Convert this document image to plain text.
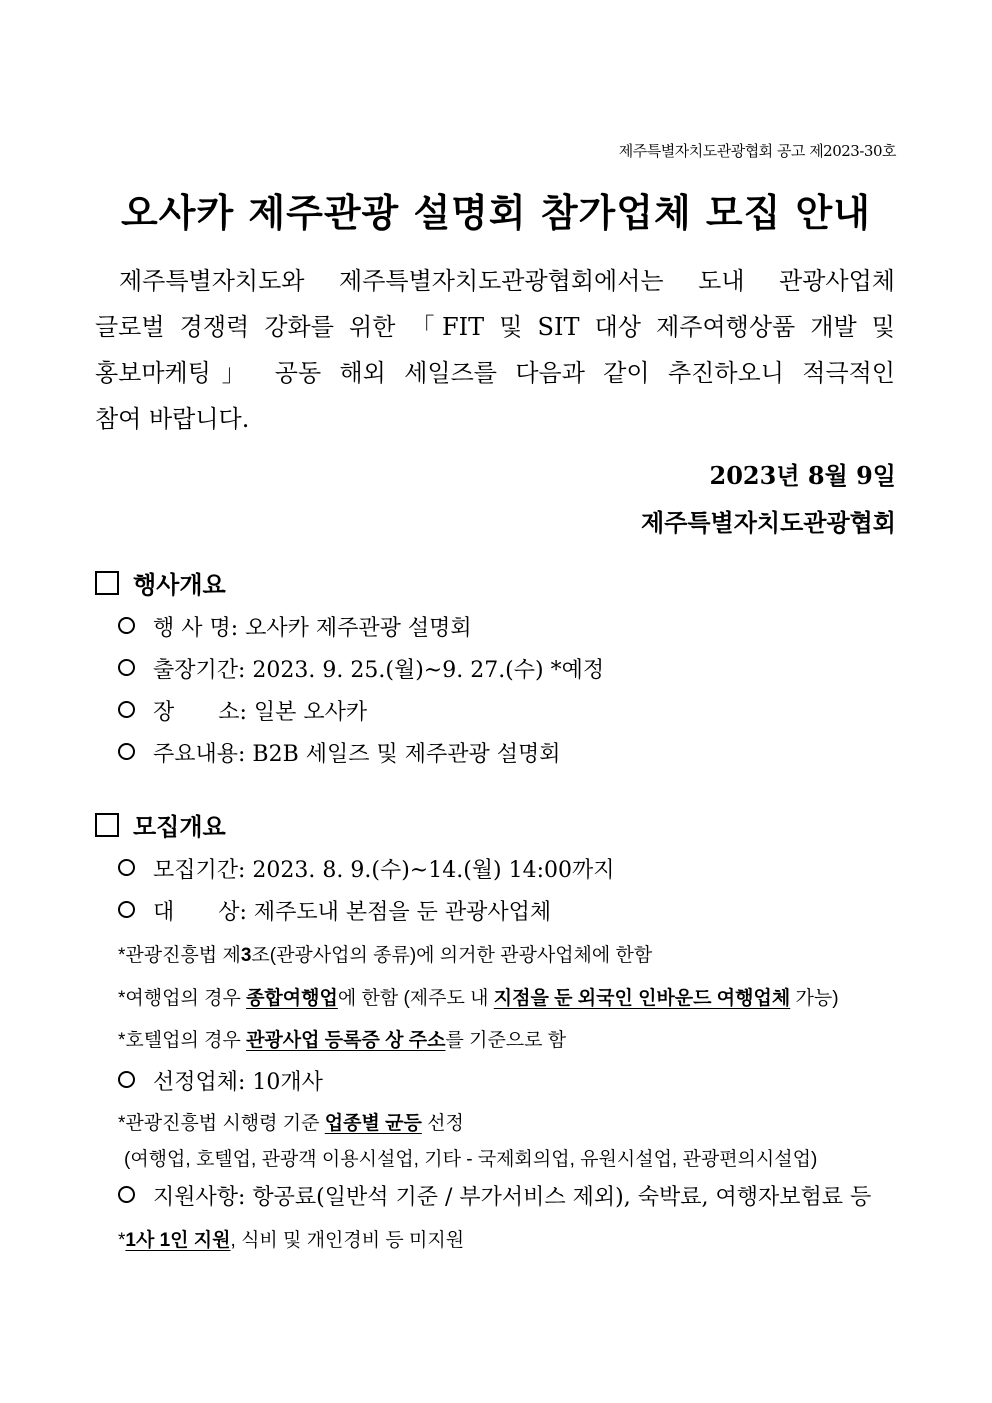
제주특별자치도관광협회 공고 제2023-30호
오사카 제주관광 설명회 참가업체 모집 안내
제주특별자치도와 제주특별자치도관광협회에서는 도내 관광사업체
글로벌 경쟁력 강화를 위한 「FIT 및 SIT 대상 제주여행상품 개발 및
홍보마케팅」 공동 해외 세일즈를 다음과 같이 추진하오니 적극적인
참여 바랍니다.
2023년 8월 9일
제주특별자치도관광협회
행사개요
행 사 명: 오사카 제주관광 설명회
출장기간: 2023. 9. 25.(월)~9. 27.(수) *예정
장　　소: 일본 오사카
주요내용: B2B 세일즈 및 제주관광 설명회
모집개요
모집기간: 2023. 8. 9.(수)~14.(월) 14:00까지
대　　상: 제주도내 본점을 둔 관광사업체
*관광진흥법 제3조(관광사업의 종류)에 의거한 관광사업체에 한함
*여행업의 경우 종합여행업에 한함 (제주도 내 지점을 둔 외국인 인바운드 여행업체 가능)
*호텔업의 경우 관광사업 등록증 상 주소를 기준으로 함
선정업체: 10개사
*관광진흥법 시행령 기준 업종별 균등 선정
(여행업, 호텔업, 관광객 이용시설업, 기타 - 국제회의업, 유원시설업, 관광편의시설업)
지원사항: 항공료(일반석 기준 / 부가서비스 제외), 숙박료, 여행자보험료 등
*1사 1인 지원, 식비 및 개인경비 등 미지원
